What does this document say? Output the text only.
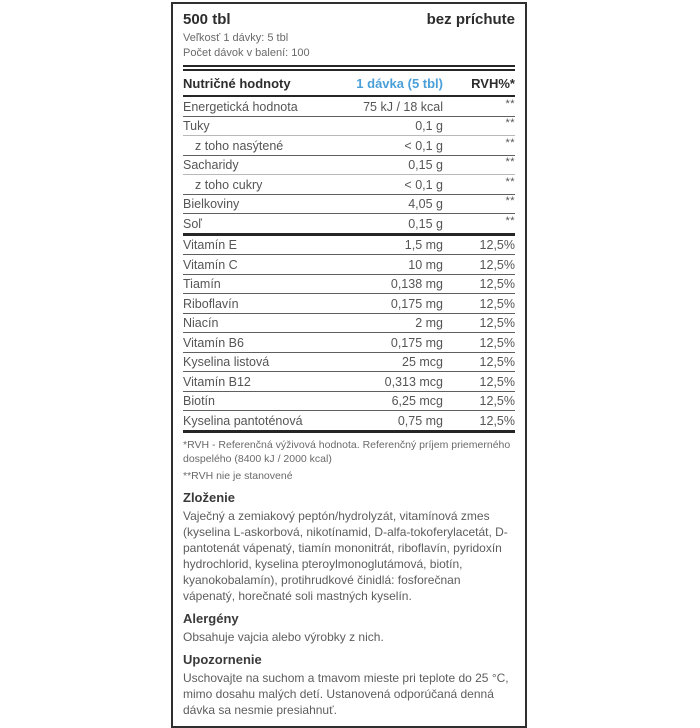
500 tbl	bez príchute
Veľkosť 1 dávky: 5 tbl
Počet dávok v balení: 100
Nutričné hodnoty	1 dávka (5 tbl)	RVH%*
Energetická hodnota	75 kJ / 18 kcal	**
Tuky	0,1 g	**
z toho nasýtené	< 0,1 g	**
Sacharidy	0,15 g	**
z toho cukry	< 0,1 g	**
Bielkoviny	4,05 g	**
Soľ	0,15 g	**
Vitamín E	1,5 mg	12,5%
Vitamín C	10 mg	12,5%
Tiamín	0,138 mg	12,5%
Riboflavín	0,175 mg	12,5%
Niacín	2 mg	12,5%
Vitamín B6	0,175 mg	12,5%
Kyselina listová	25 mcg	12,5%
Vitamín B12	0,313 mcg	12,5%
Biotín	6,25 mcg	12,5%
Kyselina pantoténová	0,75 mg	12,5%
*RVH - Referenčná výživová hodnota. Referenčný príjem priemerného dospelého (8400 kJ / 2000 kcal)
**RVH nie je stanovené
Zloženie
Vaječný a zemiakový peptón/hydrolyzát, vitamínová zmes (kyselina L-askorbová, nikotínamid, D-alfa-tokoferylacetát, D-pantotenát vápenatý, tiamín mononitrát, riboflavín, pyridoxín hydrochlorid, kyselina pteroylmonoglutámová, biotín, kyanokobalamín), protihrudkové činidlá: fosforečnan vápenatý, horečnaté soli mastných kyselín.
Alergény
Obsahuje vajcia alebo výrobky z nich.
Upozornenie
Uschovajte na suchom a tmavom mieste pri teplote do 25 °C, mimo dosahu malých detí. Ustanovená odporúčaná denná dávka sa nesmie presiahnuť.
